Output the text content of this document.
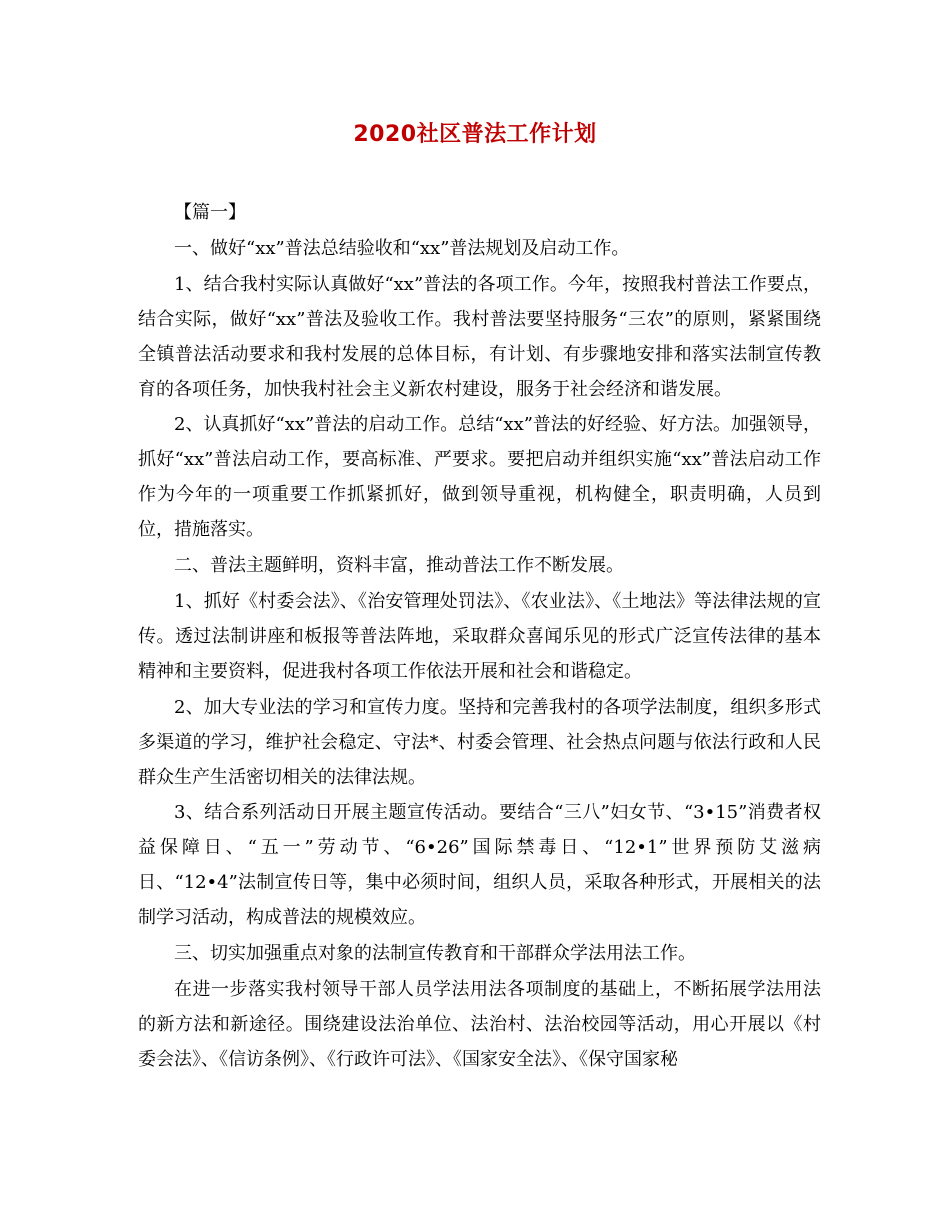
2020社区普法工作计划

【篇一】

一、做好“xx”普法总结验收和“xx”普法规划及启动工作。

1、结合我村实际认真做好“xx”普法的各项工作。今年，按照我村普法工作要点，结合实际，做好“xx”普法及验收工作。我村普法要坚持服务“三农”的原则，紧紧围绕全镇普法活动要求和我村发展的总体目标，有计划、有步骤地安排和落实法制宣传教育的各项任务，加快我村社会主义新农村建设，服务于社会经济和谐发展。

2、认真抓好“xx”普法的启动工作。总结“xx”普法的好经验、好方法。加强领导，抓好“xx”普法启动工作，要高标准、严要求。要把启动并组织实施“xx”普法启动工作作为今年的一项重要工作抓紧抓好，做到领导重视，机构健全，职责明确，人员到位，措施落实。

二、普法主题鲜明，资料丰富，推动普法工作不断发展。

1、抓好《村委会法》、《治安管理处罚法》、《农业法》、《土地法》等法律法规的宣传。透过法制讲座和板报等普法阵地，采取群众喜闻乐见的形式广泛宣传法律的基本精神和主要资料，促进我村各项工作依法开展和社会和谐稳定。

2、加大专业法的学习和宣传力度。坚持和完善我村的各项学法制度，组织多形式多渠道的学习，维护社会稳定、守法*、村委会管理、社会热点问题与依法行政和人民群众生产生活密切相关的法律法规。

3、结合系列活动日开展主题宣传活动。要结合“三八”妇女节、“3•15”消费者权益保障日、“五一”劳动节、“6•26”国际禁毒日、“12•1”世界预防艾滋病日、“12•4”法制宣传日等，集中必须时间，组织人员，采取各种形式，开展相关的法制学习活动，构成普法的规模效应。

三、切实加强重点对象的法制宣传教育和干部群众学法用法工作。

在进一步落实我村领导干部人员学法用法各项制度的基础上，不断拓展学法用法的新方法和新途径。围绕建设法治单位、法治村、法治校园等活动，用心开展以《村委会法》、《信访条例》、《行政许可法》、《国家安全法》、《保守国家秘
